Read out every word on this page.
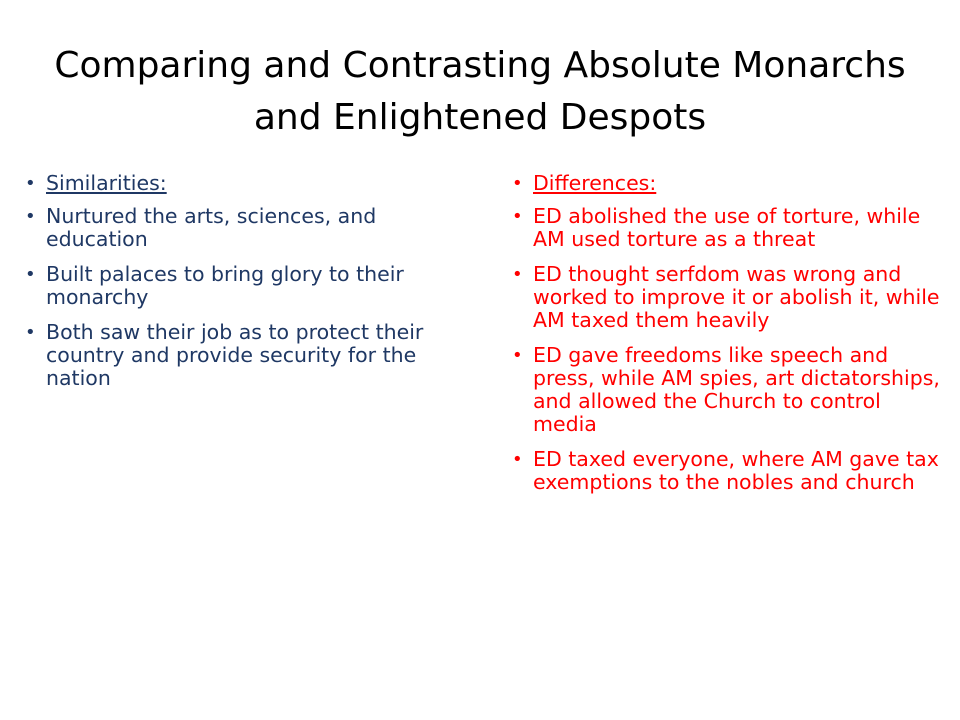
Comparing and Contrasting Absolute Monarchs and Enlightened Despots
• Similarities:
• Nurtured the arts, sciences, and education
• Built palaces to bring glory to their monarchy
• Both saw their job as to protect their country and provide security for the nation
• Differences:
• ED abolished the use of torture, while AM used torture as a threat
• ED thought serfdom was wrong and worked to improve it or abolish it, while AM taxed them heavily
• ED gave freedoms like speech and press, while AM spies, art dictatorships, and allowed the Church to control media
• ED taxed everyone, where AM gave tax exemptions to the nobles and church
